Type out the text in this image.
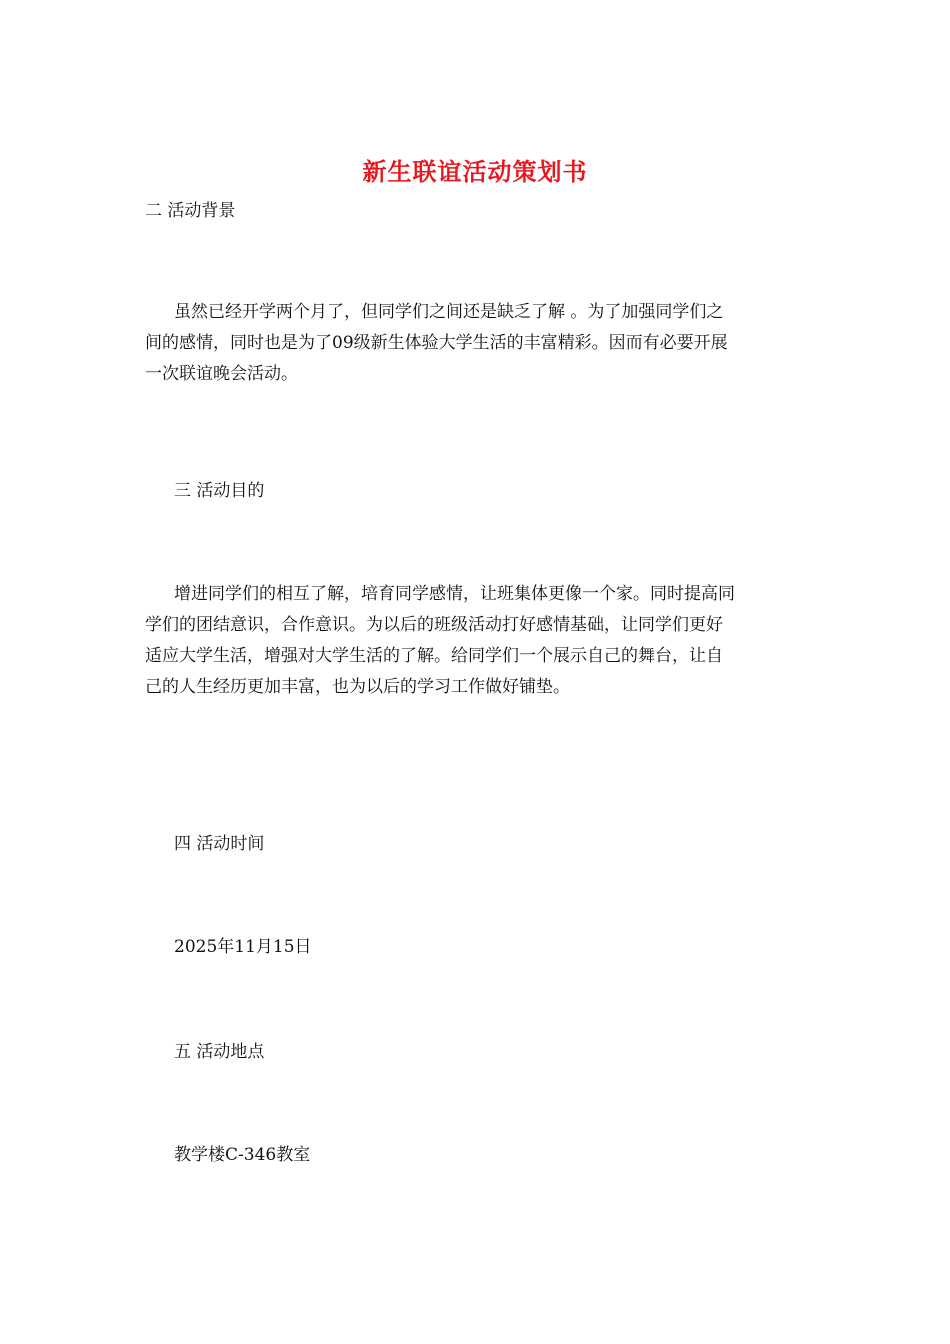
新生联谊活动策划书
二 活动背景
虽然已经开学两个月了，但同学们之间还是缺乏了解 。为了加强同学们之
间的感情，同时也是为了09级新生体验大学生活的丰富精彩。因而有必要开展
一次联谊晚会活动。
三 活动目的
增进同学们的相互了解，培育同学感情，让班集体更像一个家。同时提高同
学们的团结意识，合作意识。为以后的班级活动打好感情基础，让同学们更好
适应大学生活，增强对大学生活的了解。给同学们一个展示自己的舞台，让自
己的人生经历更加丰富，也为以后的学习工作做好铺垫。
四 活动时间
2025年11月15日
五 活动地点
教学楼C-346教室
